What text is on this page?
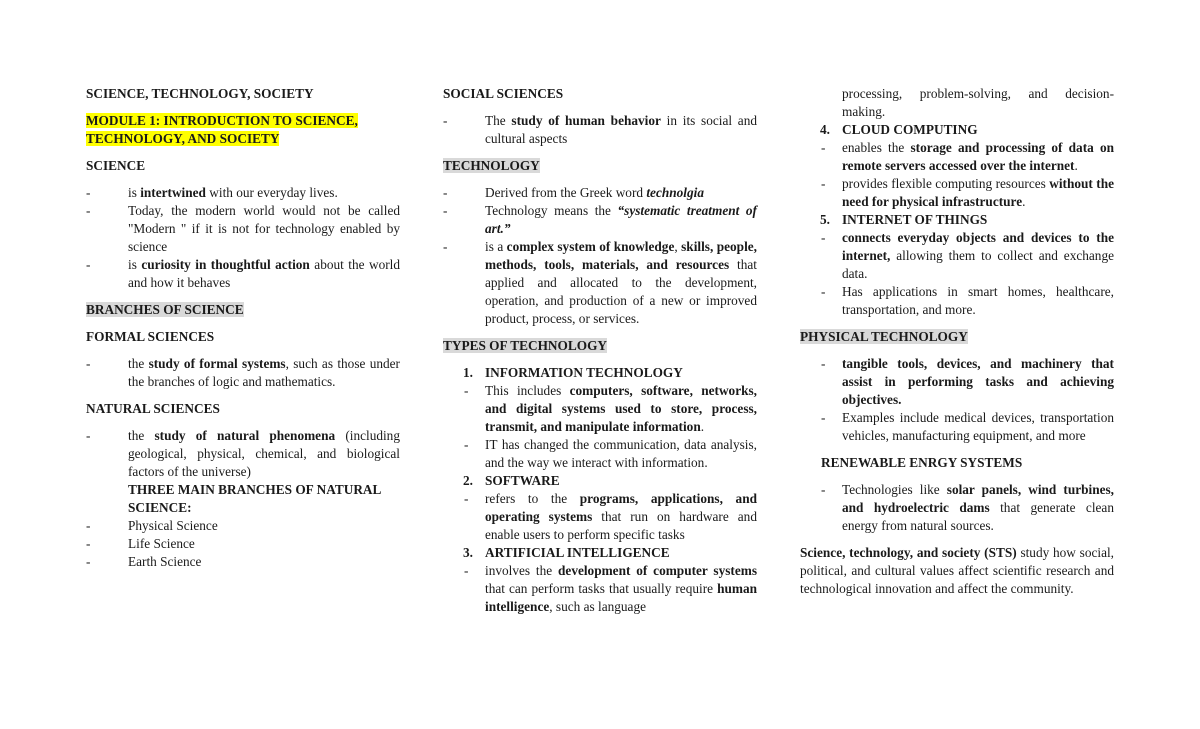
SCIENCE, TECHNOLOGY, SOCIETY

MODULE 1: INTRODUCTION TO SCIENCE, TECHNOLOGY, AND SOCIETY

SCIENCE

-	is intertwined with our everyday lives.
-	Today, the modern world would not be called "Modern " if it is not for technology enabled by science
-	is curiosity in thoughtful action about the world and how it behaves

BRANCHES OF SCIENCE

FORMAL SCIENCES

-	the study of formal systems, such as those under the branches of logic and mathematics.

NATURAL SCIENCES

-	the study of natural phenomena (including geological, physical, chemical, and biological factors of the universe)

THREE MAIN BRANCHES OF NATURAL SCIENCE:

-	Physical Science
-	Life Science
-	Earth Science

SOCIAL SCIENCES

-	The study of human behavior in its social and cultural aspects

TECHNOLOGY

-	Derived from the Greek word technolgia
-	Technology means the “systematic treatment of art.”
-	is a complex system of knowledge, skills, people, methods, tools, materials, and resources that applied and allocated to the development, operation, and production of a new or improved product, process, or services.

TYPES OF TECHNOLOGY

1. INFORMATION TECHNOLOGY
-	This includes computers, software, networks, and digital systems used to store, process, transmit, and manipulate information.
-	IT has changed the communication, data analysis, and the way we interact with information.
2. SOFTWARE
-	refers to the programs, applications, and operating systems that run on hardware and enable users to perform specific tasks
3. ARTIFICIAL INTELLIGENCE
-	involves the development of computer systems that can perform tasks that usually require human intelligence, such as language

processing, problem-solving, and decision-making.

4. CLOUD COMPUTING
-	enables the storage and processing of data on remote servers accessed over the internet.
-	provides flexible computing resources without the need for physical infrastructure.
5. INTERNET OF THINGS
-	connects everyday objects and devices to the internet, allowing them to collect and exchange data.
-	Has applications in smart homes, healthcare, transportation, and more.

PHYSICAL TECHNOLOGY

-	tangible tools, devices, and machinery that assist in performing tasks and achieving objectives.
-	Examples include medical devices, transportation vehicles, manufacturing equipment, and more

RENEWABLE ENRGY SYSTEMS

-	Technologies like solar panels, wind turbines, and hydroelectric dams that generate clean energy from natural sources.

Science, technology, and society (STS) study how social, political, and cultural values affect scientific research and technological innovation and affect the community.
